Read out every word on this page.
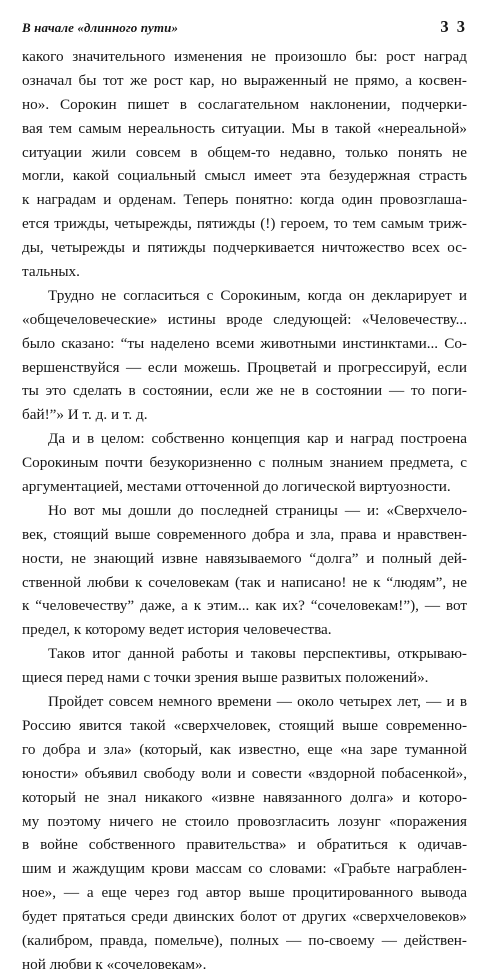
В начале «длинного пути»	3 3
какого значительного изменения не произошло бы: рост наград
означал бы тот же рост кар, но выраженный не прямо, а косвен-
но». Сорокин пишет в сослагательном наклонении, подчерки-
вая тем самым нереальность ситуации. Мы в такой «нереальной»
ситуации жили совсем в общем-то недавно, только понять не
могли, какой социальный смысл имеет эта безудержная страсть
к наградам и орденам. Теперь понятно: когда один провозглаша-
ется трижды, четырежды, пятижды (!) героем, то тем самым триж-
ды, четырежды и пятижды подчеркивается ничтожество всех ос-
тальных.
Трудно не согласиться с Сорокиным, когда он декларирует и
«общечеловеческие» истины вроде следующей: «Человечеству...
было сказано: “ты наделено всеми животными инстинктами... Со-
вершенствуйся — если можешь. Процветай и прогрессируй, если
ты это сделать в состоянии, если же не в состоянии — то поги-
бай!”» И т. д. и т. д.
Да и в целом: собственно концепция кар и наград построена
Сорокиным почти безукоризненно с полным знанием предмета, с
аргументацией, местами отточенной до логической виртуозности.
Но вот мы дошли до последней страницы — и: «Сверхчело-
век, стоящий выше современного добра и зла, права и нравствен-
ности, не знающий извне навязываемого “долга” и полный дей-
ственной любви к сочеловекам (так и написано! не к “людям”, не
к “человечеству” даже, а к этим... как их? “сочеловекам!”), — вот
предел, к которому ведет история человечества.
Таков итог данной работы и таковы перспективы, открываю-
щиеся перед нами с точки зрения выше развитых положений».
Пройдет совсем немного времени — около четырех лет, — и в
Россию явится такой «сверхчеловек, стоящий выше современно-
го добра и зла» (который, как известно, еще «на заре туманной
юности» объявил свободу воли и совести «вздорной побасенкой»,
который не знал никакого «извне навязанного долга» и которо-
му поэтому ничего не стоило провозгласить лозунг «поражения
в войне собственного правительства» и обратиться к одичав-
шим и жаждущим крови массам со словами: «Грабьте награблен-
ное», — а еще через год автор выше процитированного вывода
будет прятаться среди двинских болот от других «сверхчеловеков»
(калибром, правда, помельче), полных — по-своему — действен-
ной любви к «сочеловекам».
